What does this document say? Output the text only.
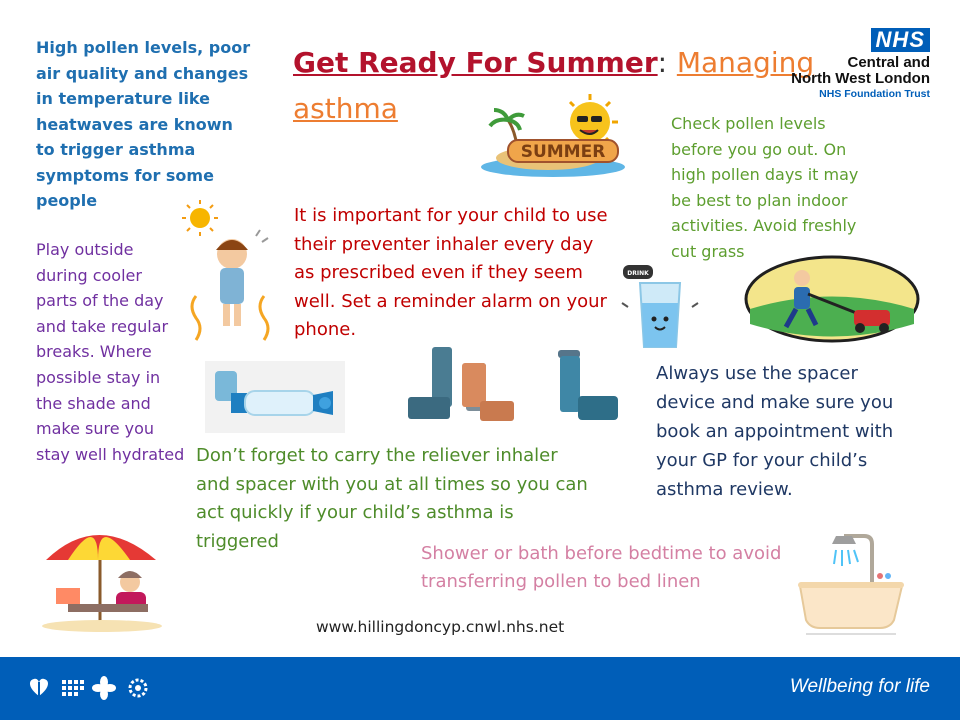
Get Ready For Summer: Managing asthma
NHS
Central and
North West London
NHS Foundation Trust
High pollen levels, poor air quality and changes in temperature like heatwaves are known to trigger asthma symptoms for some people
Play outside during cooler parts of the day and take regular breaks. Where possible stay in the shade and make sure you stay well hydrated
It is important for your child to use their preventer inhaler every day as prescribed even if they seem well. Set a reminder alarm on your phone.
Check pollen levels before you go out. On high pollen days it may be best to plan indoor activities. Avoid freshly cut grass
Always use the spacer device and make sure you book an appointment with your GP for your child’s asthma review.
Don’t forget to carry the reliever inhaler and spacer with you at all times so you can act quickly if your child’s asthma is triggered
Shower or bath before bedtime to avoid transferring pollen to bed linen
www.hillingdoncyp.cnwl.nhs.net
SUMMER
DRINK
Wellbeing for life
